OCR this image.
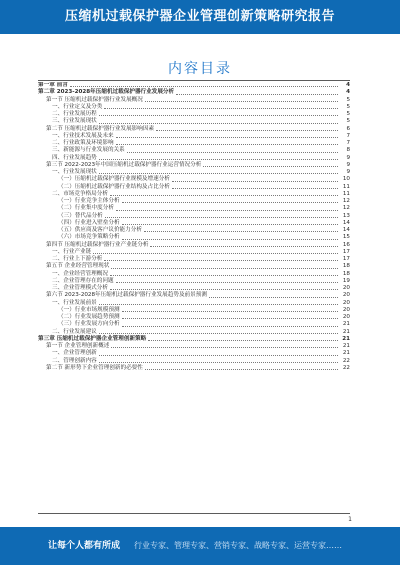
压缩机过载保护器企业管理创新策略研究报告
内容目录
第一章 前言	4
第二章 2023-2028年压缩机过载保护器行业发展分析	4
第一节 压缩机过载保护器行业发展概况	5
一、行业定义及分类	5
二、行业发展历程	5
三、行业发展现状	5
第二节 压缩机过载保护器行业发展影响因素	6
一、行业技术发展及未来	7
二、行业政策及环境影响	7
三、新能源与行业发展的关系	8
四、行业发展趋势	9
第三节 2022-2023年中国压缩机过载保护器行业运营情况分析	9
一、行业发展现状	9
（一）压缩机过载保护器行业规模及增速分析	10
（二）压缩机过载保护器行业结构及占比分析	11
二、市场竞争格局分析	11
（一）行业竞争主体分析	12
（二）行业集中度分析	12
（三）替代品分析	13
（四）行业进入壁垒分析	14
（五）供应商及客户议价能力分析	14
（六）市场竞争策略分析	15
第四节 压缩机过载保护器行业产业链分析	16
一、行业产业链	17
二、行业上下游分析	17
第五节 企业经营管理现状	18
一、企业经营管理概况	18
二、企业管理存在的问题	19
三、企业管理模式分析	20
第六节 2023-2028年压缩机过载保护器行业发展趋势及前景预测	20
一、行业发展前景	20
（一）行业市场规模预测	20
（二）行业发展趋势预测	20
（三）行业发展方向分析	21
二、行业发展建议	21
第三章 压缩机过载保护器企业管理创新策略	21
第一节 企业管理创新概述	21
一、企业管理创新	21
二、管理创新内容	22
第二节 新形势下企业管理创新的必要性	22
1
让每个人都有所成 行业专家、管理专家、营销专家、战略专家、运营专家……
